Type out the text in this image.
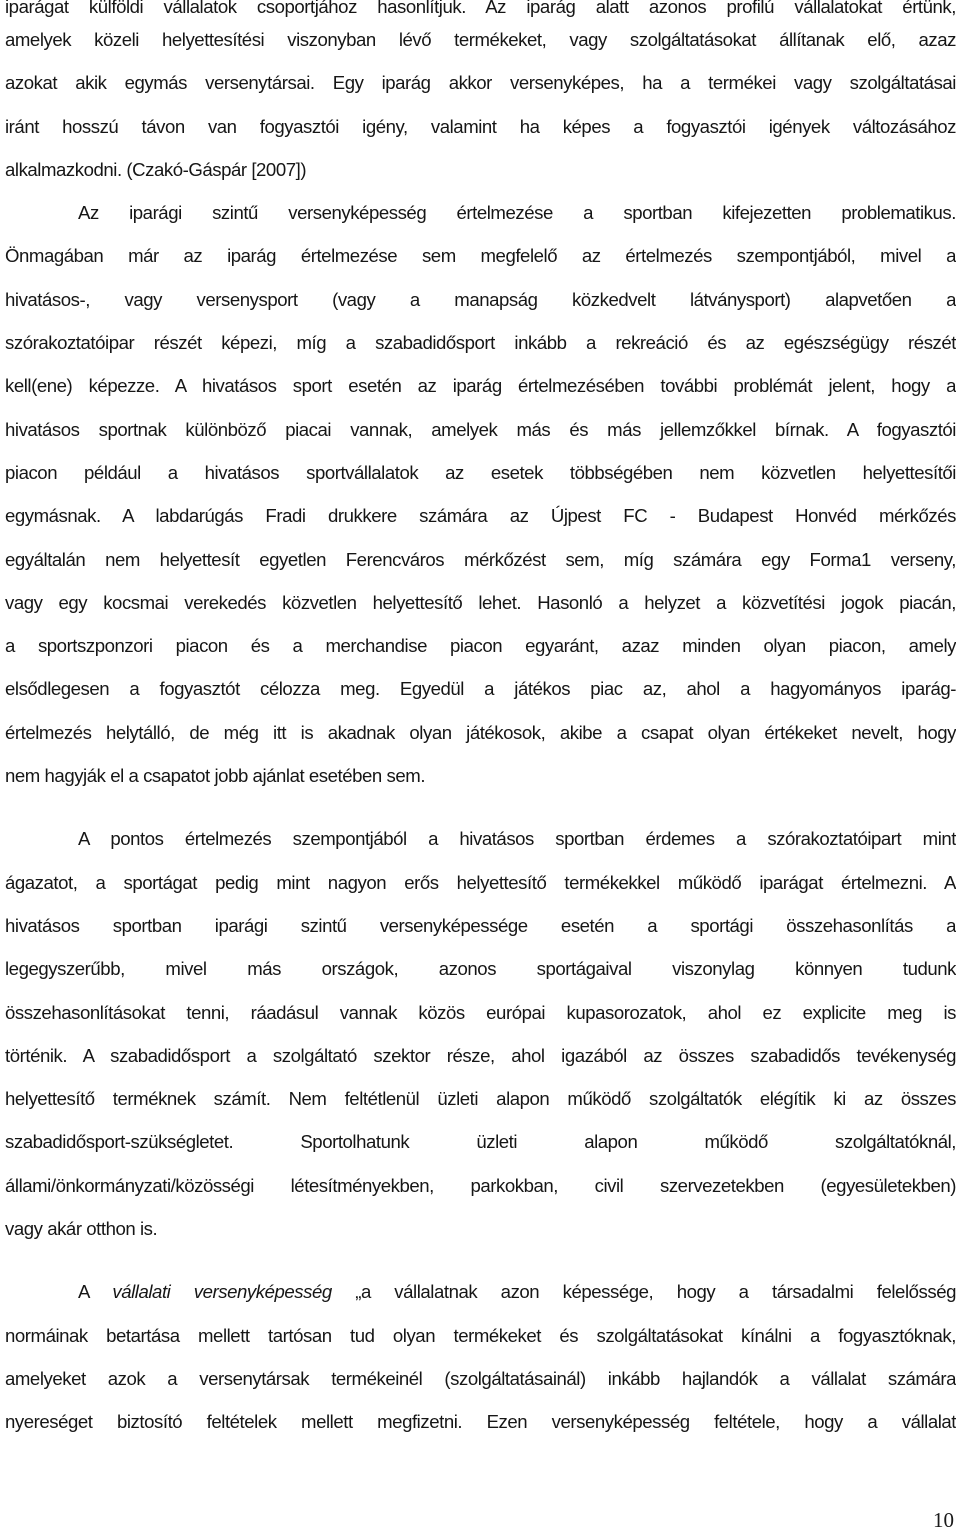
iparágat külföldi vállalatok csoportjához hasonlítjuk. Az iparág alatt azonos profilú vállalatokat értünk,
amelyek közeli helyettesítési viszonyban lévő termékeket, vagy szolgáltatásokat állítanak elő, azaz
azokat akik egymás versenytársai. Egy iparág akkor versenyképes, ha a termékei vagy szolgáltatásai
iránt hosszú távon van fogyasztói igény, valamint ha képes a fogyasztói igények változásához
alkalmazkodni. (Czakó-Gáspár [2007])
Az iparági szintű versenyképesség értelmezése a sportban kifejezetten problematikus.
Önmagában már az iparág értelmezése sem megfelelő az értelmezés szempontjából, mivel a
hivatásos-, vagy versenysport (vagy a manapság közkedvelt látványsport) alapvetően a
szórakoztatóipar részét képezi, míg a szabadidősport inkább a rekreáció és az egészségügy részét
kell(ene) képezze. A hivatásos sport esetén az iparág értelmezésében további problémát jelent, hogy a
hivatásos sportnak különböző piacai vannak, amelyek más és más jellemzőkkel bírnak. A fogyasztói
piacon például a hivatásos sportvállalatok az esetek többségében nem közvetlen helyettesítői
egymásnak. A labdarúgás Fradi drukkere számára az Újpest FC - Budapest Honvéd mérkőzés
egyáltalán nem helyettesít egyetlen Ferencváros mérkőzést sem, míg számára egy Forma1 verseny,
vagy egy kocsmai verekedés közvetlen helyettesítő lehet. Hasonló a helyzet a közvetítési jogok piacán,
a sportszponzori piacon és a merchandise piacon egyaránt, azaz minden olyan piacon, amely
elsődlegesen a fogyasztót célozza meg. Egyedül a játékos piac az, ahol a hagyományos iparág-
értelmezés helytálló, de még itt is akadnak olyan játékosok, akibe a csapat olyan értékeket nevelt, hogy
nem hagyják el a csapatot jobb ajánlat esetében sem.
A pontos értelmezés szempontjából a hivatásos sportban érdemes a szórakoztatóipart mint
ágazatot, a sportágat pedig mint nagyon erős helyettesítő termékekkel működő iparágat értelmezni. A
hivatásos sportban iparági szintű versenyképessége esetén a sportági összehasonlítás a
legegyszerűbb, mivel más országok, azonos sportágaival viszonylag könnyen tudunk
összehasonlításokat tenni, ráadásul vannak közös európai kupasorozatok, ahol ez explicite meg is
történik. A szabadidősport a szolgáltató szektor része, ahol igazából az összes szabadidős tevékenység
helyettesítő terméknek számít. Nem feltétlenül üzleti alapon működő szolgáltatók elégítik ki az összes
szabadidősport-szükségletet. Sportolhatunk üzleti alapon működő szolgáltatóknál,
állami/önkormányzati/közösségi létesítményekben, parkokban, civil szervezetekben (egyesületekben)
vagy akár otthon is.
A vállalati versenyképesség „a vállalatnak azon képessége, hogy a társadalmi felelősség
normáinak betartása mellett tartósan tud olyan termékeket és szolgáltatásokat kínálni a fogyasztóknak,
amelyeket azok a versenytársak termékeinél (szolgáltatásainál) inkább hajlandók a vállalat számára
nyereséget biztosító feltételek mellett megfizetni. Ezen versenyképesség feltétele, hogy a vállalat
10
